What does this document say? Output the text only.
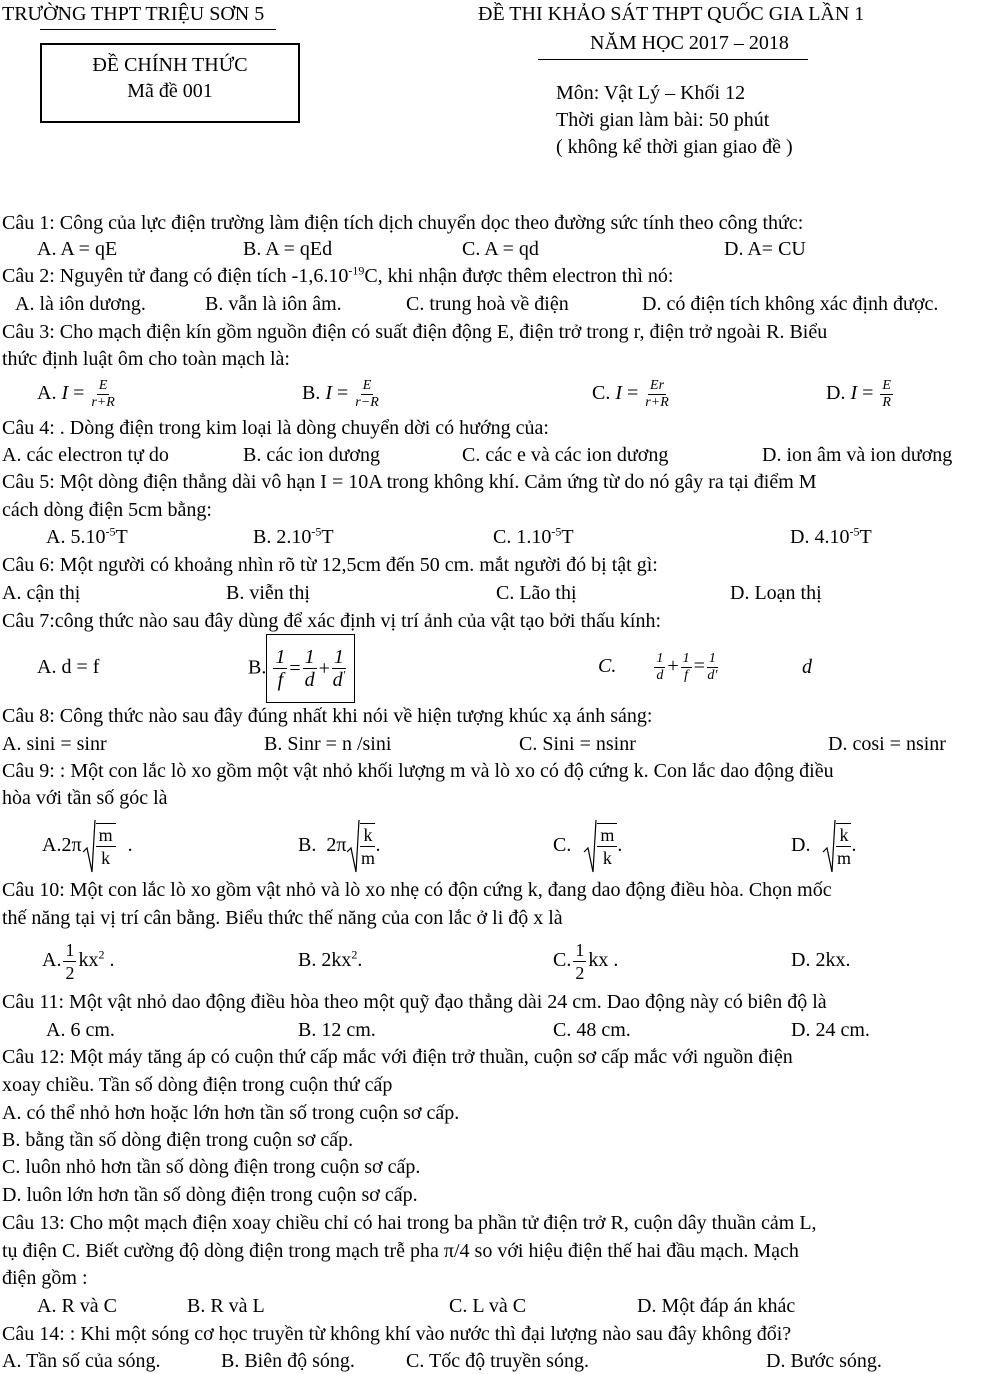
TRƯỜNG THPT TRIỆU SƠN 5	ĐỀ THI KHẢO SÁT THPT QUỐC GIA LẦN 1
NĂM HỌC 2017 – 2018
ĐỀ CHÍNH THỨC
Mã đề 001	Môn: Vật Lý – Khối 12
Thời gian làm bài: 50 phút
( không kể thời gian giao đề )
Câu 1: Công của lực điện trường làm điện tích dịch chuyển dọc theo đường sức tính theo công thức:
A. A = qE	B. A = qEd	C. A = qd	D. A= CU
Câu 2: Nguyên tử đang có điện tích $-1,6.10^{-19}C$, khi nhận được thêm electron thì nó:
A. là iôn dương.	B. vẫn là iôn âm.	C. trung hoà về điện	D. có điện tích không xác định được.
Câu 3: Cho mạch điện kín gồm nguồn điện có suất điện động E, điện trở trong r, điện trở ngoài R. Biểu
thức định luật ôm cho toàn mạch là:
A. $I = \frac{E}{r+R}$	B. $I = \frac{E}{r-R}$	C. $I = \frac{Er}{r+R}$	D. $I = \frac{E}{R}$
Câu 4: . Dòng điện trong kim loại là dòng chuyển dời có hướng của:
A. các electron tự do	B. các ion dương	C. các e và các ion dương	D. ion âm và ion dương
Câu 5: Một dòng điện thẳng dài vô hạn I = 10A trong không khí. Cảm ứng từ do nó gây ra tại điểm M
cách dòng điện 5cm bằng:
A. $5.10^{-5}T$	B. $2.10^{-5}T$	C. $1.10^{-5}T$	D. $4.10^{-5}T$
Câu 6: Một người có khoảng nhìn rõ từ 12,5cm đến 50 cm. mắt người đó bị tật gì:
A. cận thị	B. viễn thị	C. Lão thị	D. Loạn thị
Câu 7:công thức nào sau đây dùng để xác định vị trí ảnh của vật tạo bởi thấu kính:
A. d = f	B. $\frac{1}{f} = \frac{1}{d} + \frac{1}{d'}$	C.	$\frac{1}{d} + \frac{1}{f} = \frac{1}{d'}$	d
Câu 8: Công thức nào sau đây đúng nhất khi nói về hiện tượng khúc xạ ánh sáng:
A. sini = sinr	B. Sinr = n /sini	C. Sini = nsinr	D. cosi = nsinr
Câu 9: : Một con lắc lò xo gồm một vật nhỏ khối lượng m và lò xo có độ cứng k. Con lắc dao động điều
hòa với tần số góc là
$A.2\pi \frac{m}{k}$ .	B. $2\pi \frac{k}{m}$ .	C. $\frac{m}{k}$ .	D. $\frac{k}{m}$ .
Câu 10: Một con lắc lò xo gồm vật nhỏ và lò xo nhẹ có độn cứng k, đang dao động điều hòa. Chọn mốc
thế năng tại vị trí cân bằng. Biểu thức thế năng của con lắc ở li độ x là
A. $\frac{1}{2} kx^2$ .	B. $2kx^2$.	C. $\frac{1}{2}$ kx .	D. 2kx.
Câu 11: Một vật nhỏ dao động điều hòa theo một quỹ đạo thẳng dài 24 cm. Dao động này có biên độ là
A. 6 cm.	B. 12 cm.	C. 48 cm.	D. 24 cm.
Câu 12: Một máy tăng áp có cuộn thứ cấp mắc với điện trở thuần, cuộn sơ cấp mắc với nguồn điện
xoay chiều. Tần số dòng điện trong cuộn thứ cấp
A. có thể nhỏ hơn hoặc lớn hơn tần số trong cuộn sơ cấp.
B. bằng tần số dòng điện trong cuộn sơ cấp.
C. luôn nhỏ hơn tần số dòng điện trong cuộn sơ cấp.
D. luôn lớn hơn tần số dòng điện trong cuộn sơ cấp.
Câu 13: Cho một mạch điện xoay chiều chỉ có hai trong ba phần tử điện trở R, cuộn dây thuần cảm L,
tụ điện C. Biết cường độ dòng điện trong mạch trễ pha π/4 so với hiệu điện thế hai đầu mạch. Mạch
điện gồm :
A. R và C	B. R và L	C. L và C	D. Một đáp án khác
Câu 14: : Khi một sóng cơ học truyền từ không khí vào nước thì đại lượng nào sau đây không đổi?
A. Tần số của sóng.	B. Biên độ sóng.	C. Tốc độ truyền sóng.	D. Bước sóng.
